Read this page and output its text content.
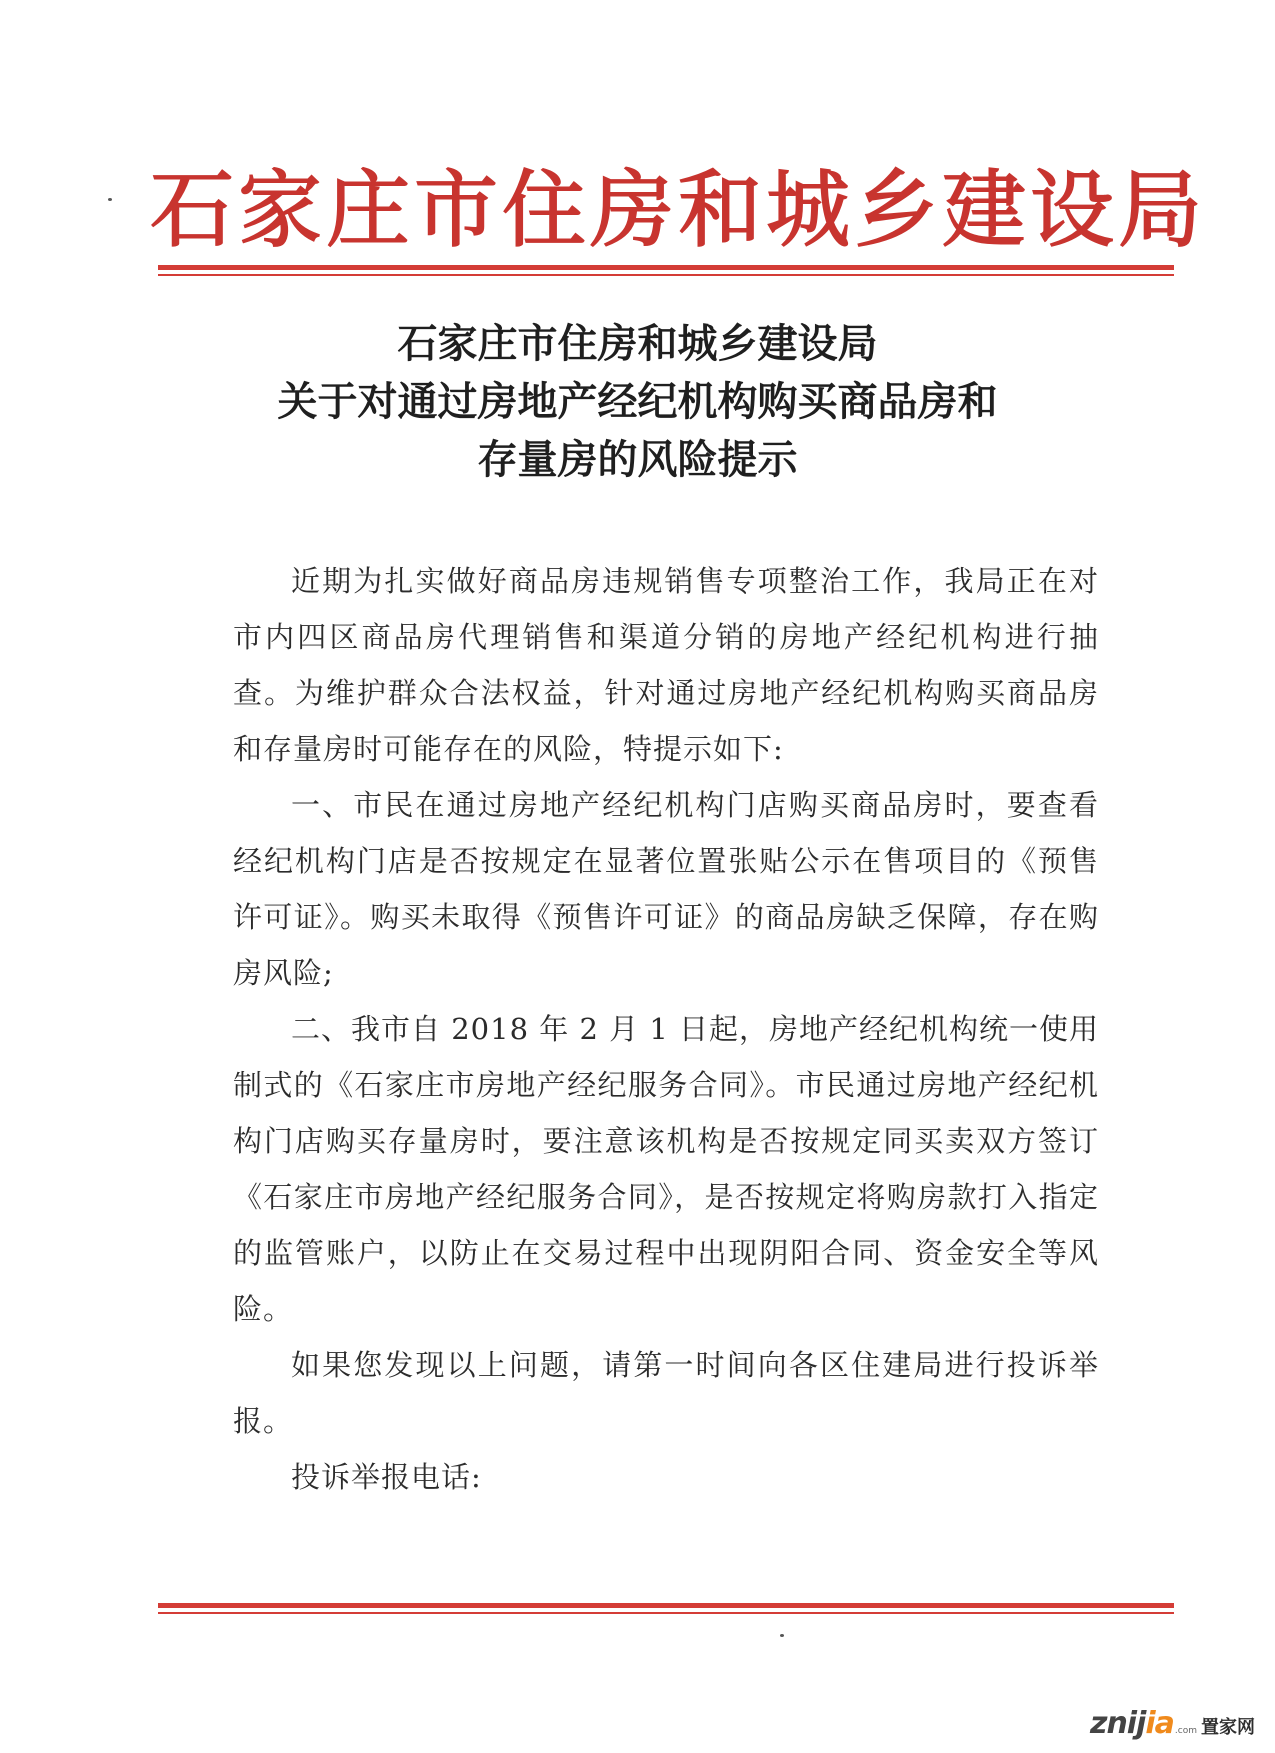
石家庄市住房和城乡建设局
石家庄市住房和城乡建设局
关于对通过房地产经纪机构购买商品房和
存量房的风险提示

近期为扎实做好商品房违规销售专项整治工作，我局正在对市内四区商品房代理销售和渠道分销的房地产经纪机构进行抽查。为维护群众合法权益，针对通过房地产经纪机构购买商品房和存量房时可能存在的风险，特提示如下:

一、市民在通过房地产经纪机构门店购买商品房时，要查看经纪机构门店是否按规定在显著位置张贴公示在售项目的《预售许可证》。购买未取得《预售许可证》的商品房缺乏保障，存在购房风险;

二、我市自 2018 年 2 月 1 日起，房地产经纪机构统一使用制式的《石家庄市房地产经纪服务合同》。市民通过房地产经纪机构门店购买存量房时，要注意该机构是否按规定同买卖双方签订《石家庄市房地产经纪服务合同》，是否按规定将购房款打入指定的监管账户，以防止在交易过程中出现阴阳合同、资金安全等风险。

如果您发现以上问题，请第一时间向各区住建局进行投诉举报。

投诉举报电话:

znijia .com 置家网
